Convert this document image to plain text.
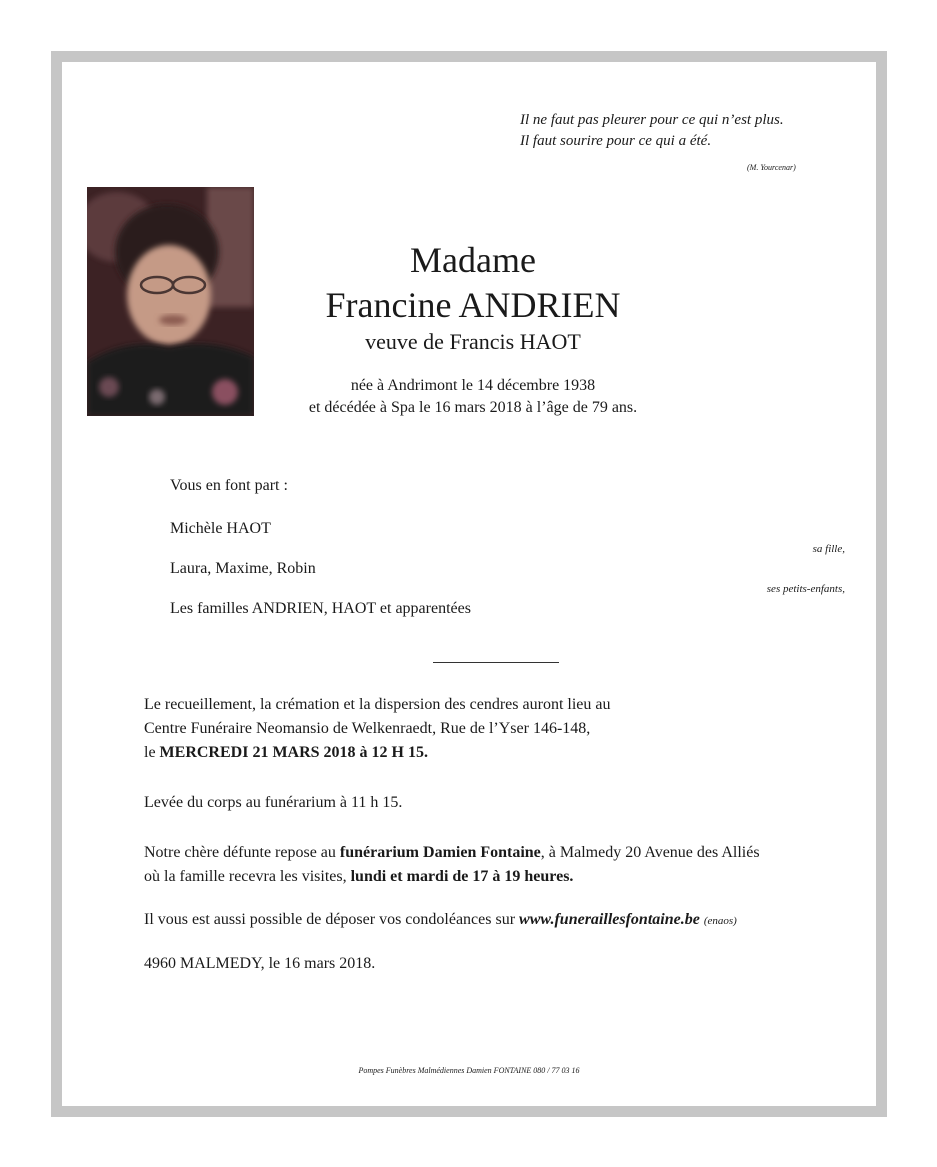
Il ne faut pas pleurer pour ce qui n’est plus.
Il faut sourire pour ce qui a été.
(M. Yourcenar)
Madame
Francine ANDRIEN
veuve de Francis HAOT
née à Andrimont le 14 décembre 1938
et décédée à Spa le 16 mars 2018 à l’âge de 79 ans.
Vous en font part :
Michèle HAOT
sa fille,
Laura, Maxime, Robin
ses petits-enfants,
Les familles ANDRIEN, HAOT et apparentées
Le recueillement, la crémation et la dispersion des cendres auront lieu au
Centre Funéraire Neomansio de Welkenraedt, Rue de l’Yser 146-148,
le MERCREDI 21 MARS 2018 à 12 H 15.
Levée du corps au funérarium à 11 h 15.
Notre chère défunte repose au funérarium Damien Fontaine, à Malmedy 20 Avenue des Alliés
où la famille recevra les visites, lundi et mardi de 17 à 19 heures.
Il vous est aussi possible de déposer vos condoléances sur www.funeraillesfontaine.be (enaos)
4960 MALMEDY, le 16 mars 2018.
Pompes Funèbres Malmédiennes Damien FONTAINE 080 / 77 03 16
